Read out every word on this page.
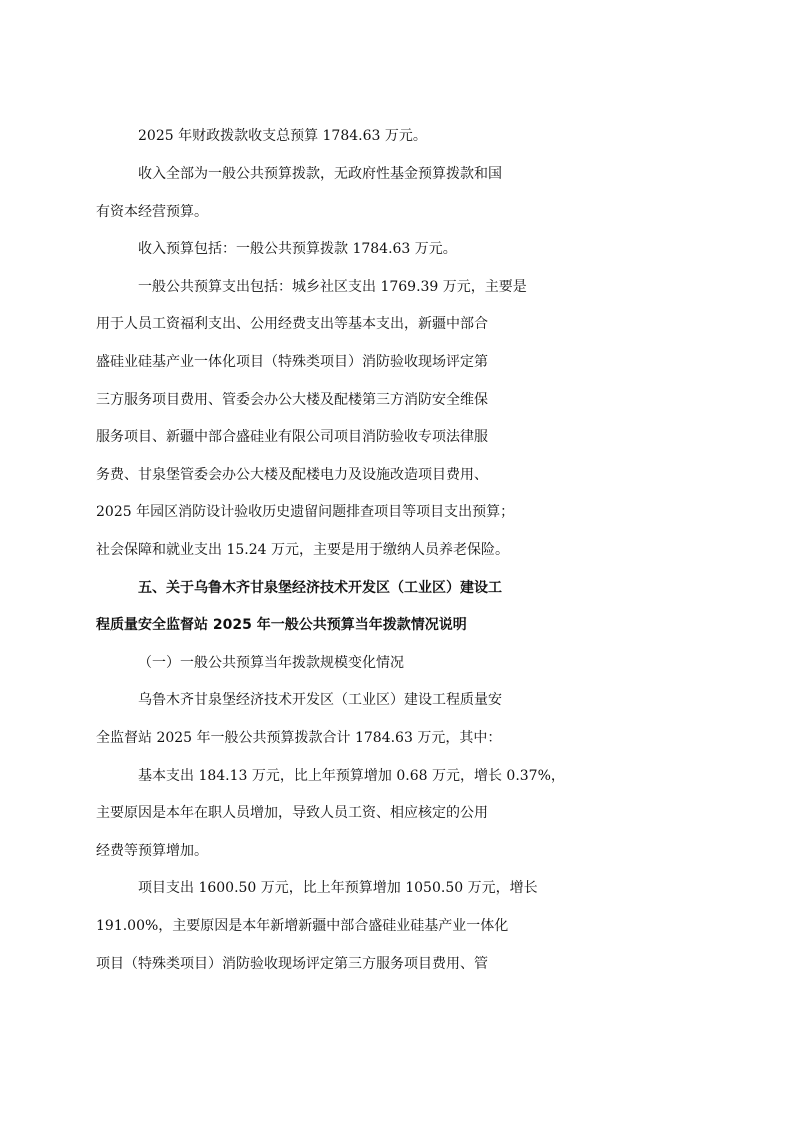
2025 年财政拨款收支总预算 1784.63 万元。
收入全部为一般公共预算拨款，无政府性基金预算拨款和国
有资本经营预算。
收入预算包括：一般公共预算拨款 1784.63 万元。
一般公共预算支出包括：城乡社区支出 1769.39 万元，主要是
用于人员工资福利支出、公用经费支出等基本支出，新疆中部合
盛硅业硅基产业一体化项目（特殊类项目）消防验收现场评定第
三方服务项目费用、管委会办公大楼及配楼第三方消防安全维保
服务项目、新疆中部合盛硅业有限公司项目消防验收专项法律服
务费、甘泉堡管委会办公大楼及配楼电力及设施改造项目费用、
2025 年园区消防设计验收历史遗留问题排查项目等项目支出预算；
社会保障和就业支出 15.24 万元，主要是用于缴纳人员养老保险。
五、关于乌鲁木齐甘泉堡经济技术开发区（工业区）建设工
程质量安全监督站 2025 年一般公共预算当年拨款情况说明
（一）一般公共预算当年拨款规模变化情况
乌鲁木齐甘泉堡经济技术开发区（工业区）建设工程质量安
全监督站 2025 年一般公共预算拨款合计 1784.63 万元，其中：
基本支出 184.13 万元，比上年预算增加 0.68 万元，增长 0.37%，
主要原因是本年在职人员增加，导致人员工资、相应核定的公用
经费等预算增加。
项目支出 1600.50 万元，比上年预算增加 1050.50 万元，增长
191.00%，主要原因是本年新增新疆中部合盛硅业硅基产业一体化
项目（特殊类项目）消防验收现场评定第三方服务项目费用、管
